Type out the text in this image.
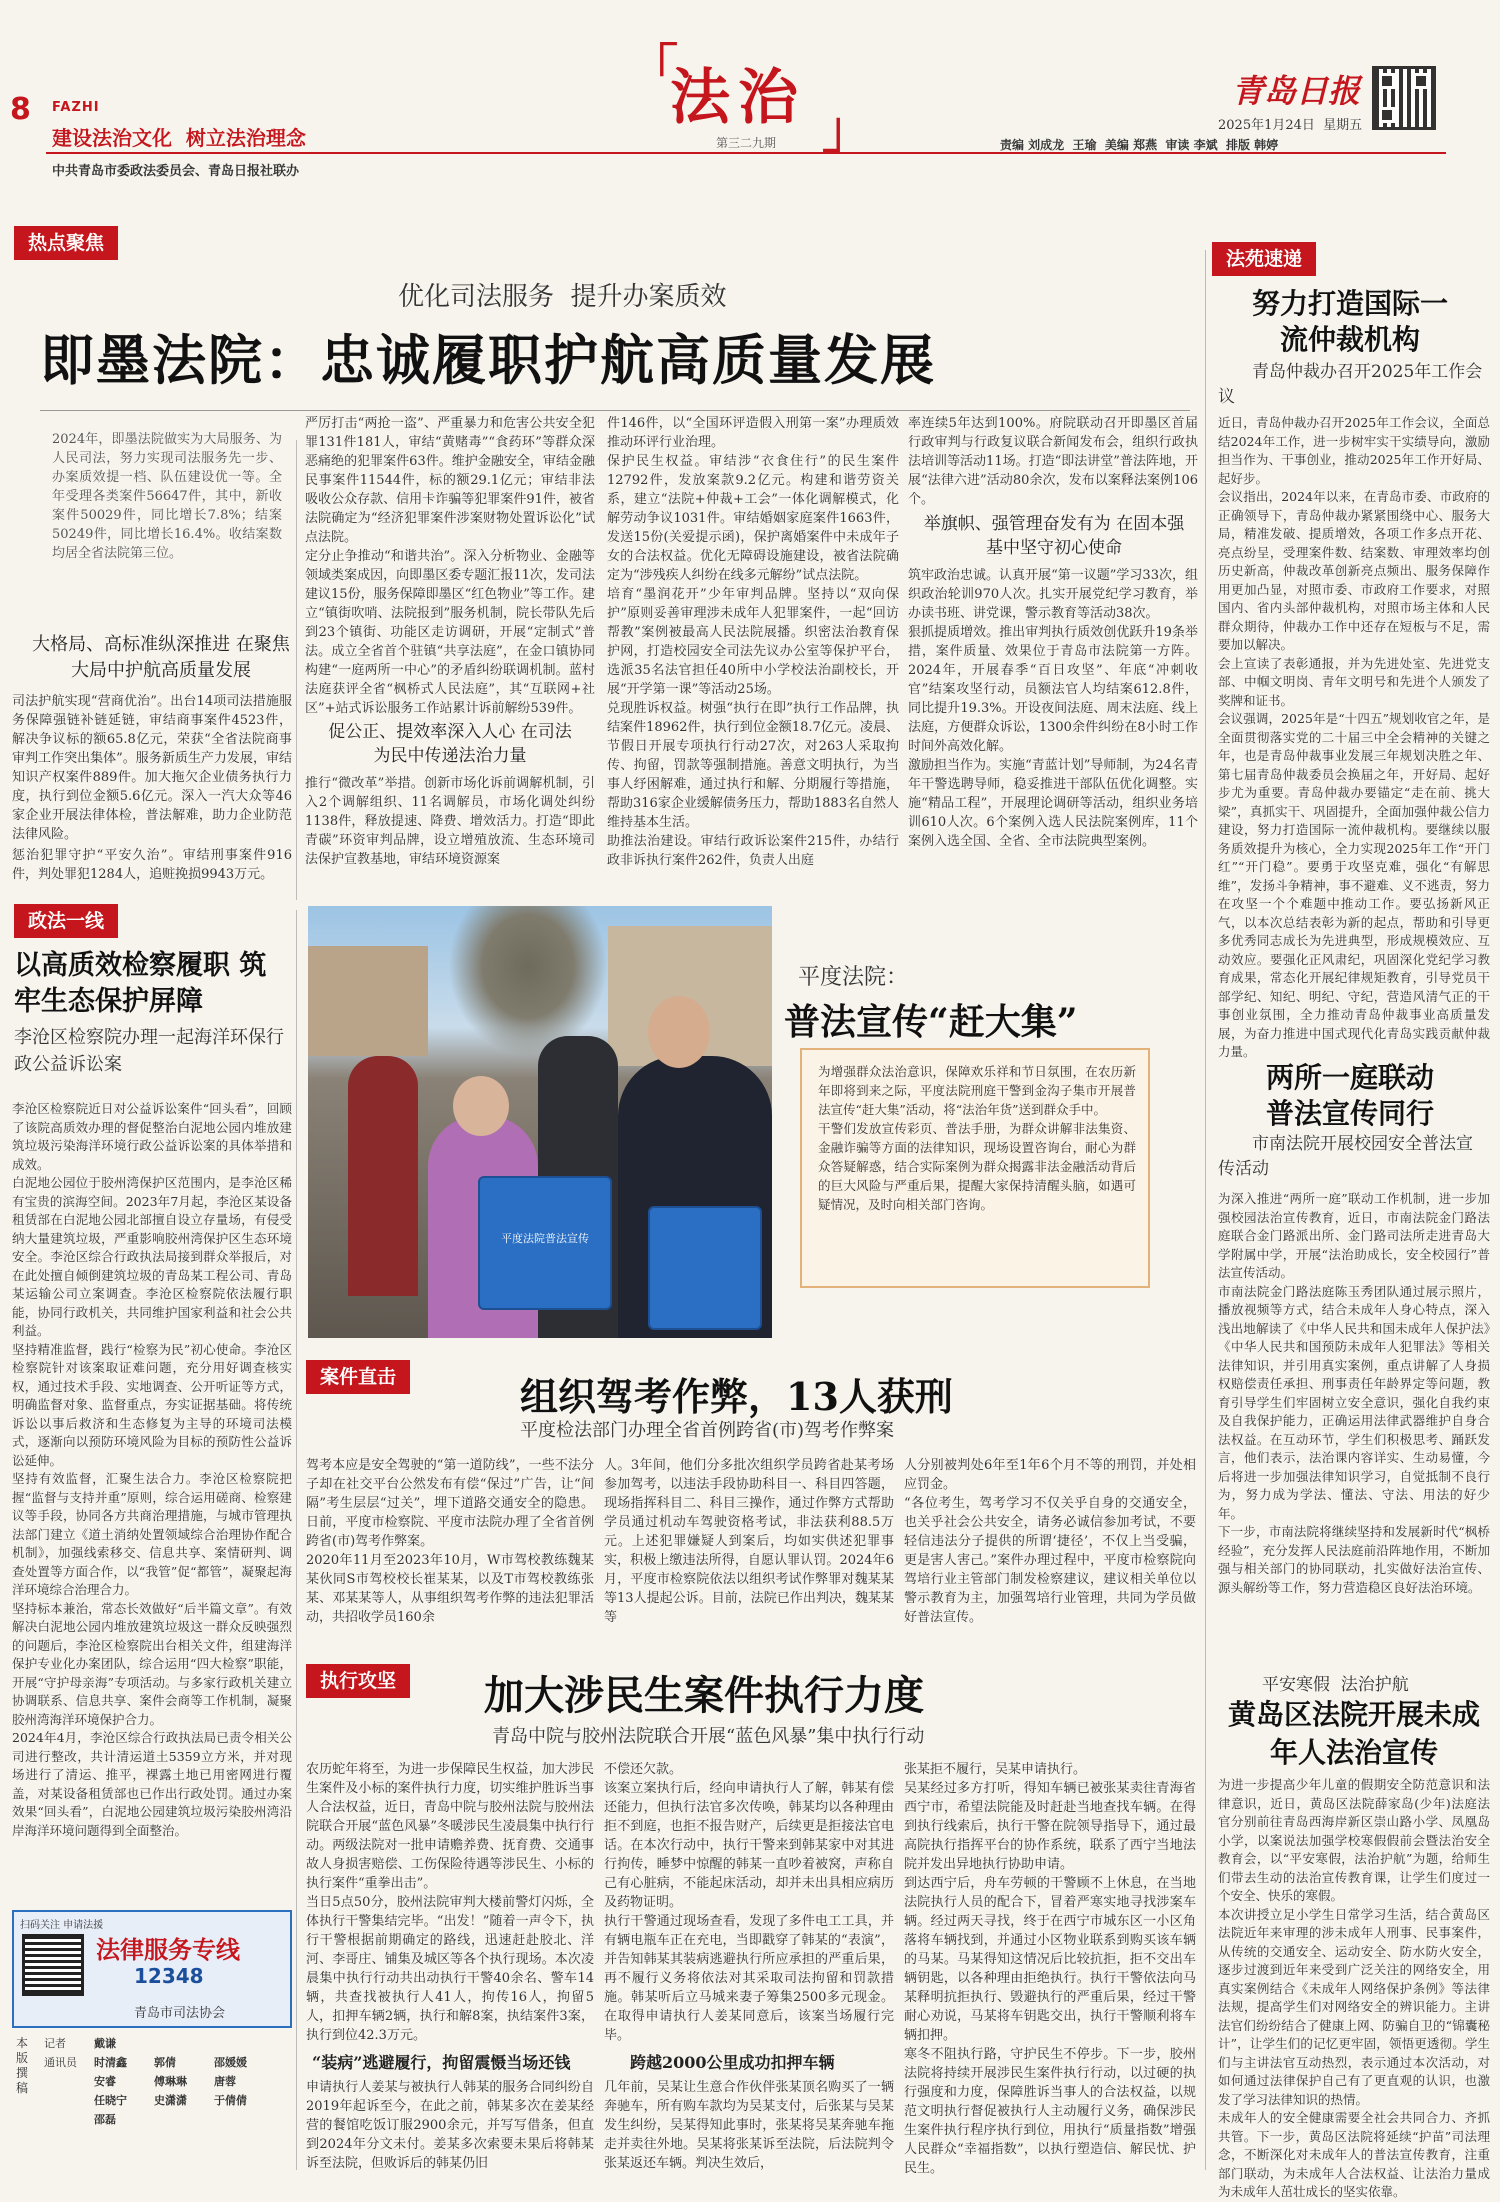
8 FAZHI
建设法治文化  树立法治理念
中共青岛市委政法委员会、青岛日报社联办
「
法治 」
第三二九期
青岛日报
2025年1月24日  星期五
责编 刘成龙  王瑜  美编 郑燕  审读 李斌  排版 韩婷
热点聚焦
优化司法服务  提升办案质效
即墨法院：忠诚履职护航高质量发展
2024年，即墨法院做实为大局服务、为人民司法，努力实现司法服务先一步、办案质效提一档、队伍建设优一等。全年受理各类案件56647件，其中，新收案件50029件，同比增长7.8%；结案50249件，同比增长16.4%。收结案数均居全省法院第三位。
大格局、高标准纵深推进 在聚焦大局中护航高质量发展
司法护航实现“营商优治”。出台14项司法措施服务保障强链补链延链，审结商事案件4523件，解决争议标的额65.8亿元，荣获“全省法院商事审判工作突出集体”。服务新质生产力发展，审结知识产权案件889件。加大拖欠企业债务执行力度，执行到位金额5.6亿元。深入一汽大众等46家企业开展法律体检，普法解难，助力企业防范法律风险。
惩治犯罪守护“平安久治”。审结刑事案件916件，判处罪犯1284人，追赃挽损9943万元。
严厉打击“两抢一盗”、严重暴力和危害公共安全犯罪131件181人，审结“黄赌毒”“食药环”等群众深恶痛绝的犯罪案件63件。维护金融安全，审结金融民事案件11544件，标的额29.1亿元；审结非法吸收公众存款、信用卡诈骗等犯罪案件91件，被省法院确定为“经济犯罪案件涉案财物处置诉讼化”试点法院。
定分止争推动“和谐共治”。深入分析物业、金融等领域类案成因，向即墨区委专题汇报11次，发司法建议15份，服务保障即墨区“红色物业”等工作。建立“镇街吹哨、法院报到”服务机制，院长带队先后到23个镇街、功能区走访调研，开展“定制式”普法。成立全省首个驻镇“共享法庭”，在金口镇协同构建“一庭两所一中心”的矛盾纠纷联调机制。蓝村法庭获评全省“枫桥式人民法庭”，其“互联网+社区”+站式诉讼服务工作站累计诉前解纷539件。
促公正、提效率深入人心 在司法为民中传递法治力量
推行“微改革”举措。创新市场化诉前调解机制，引入2个调解组织、11名调解员，市场化调处纠纷1138件，释放提速、降费、增效活力。打造“即此青碳”环资审判品牌，设立增殖放流、生态环境司法保护宣教基地，审结环境资源案
件146件，以“全国环评造假入刑第一案”办理质效推动环评行业治理。
保护民生权益。审结涉“衣食住行”的民生案件12792件，发放案款9.2亿元。构建和谐劳资关系，建立“法院+仲裁+工会”一体化调解模式，化解劳动争议1031件。审结婚姻家庭案件1663件，发送15份(关爱提示函)，保护离婚案件中未成年子女的合法权益。优化无障碍设施建设，被省法院确定为“涉残疾人纠纷在线多元解纷”试点法院。
培育“墨润花开”少年审判品牌。坚持以“双向保护”原则妥善审理涉未成年人犯罪案件，一起“回访帮教”案例被最高人民法院展播。织密法治教育保护网，打造校园安全司法先议办公室等保护平台，选派35名法官担任40所中小学校法治副校长，开展“开学第一课”等活动25场。
兑现胜诉权益。树强“执行在即”执行工作品牌，执结案件18962件，执行到位金额18.7亿元。凌晨、节假日开展专项执行行动27次，对263人采取拘传、拘留，罚款等强制措施。善意文明执行，为当事人纾困解难，通过执行和解、分期履行等措施，帮助316家企业缓解债务压力，帮助1883名自然人维持基本生活。
助推法治建设。审结行政诉讼案件215件，办结行政非诉执行案件262件，负责人出庭
率连续5年达到100%。府院联动召开即墨区首届行政审判与行政复议联合新闻发布会，组织行政执法培训等活动11场。打造“即法讲堂”普法阵地，开展“法律六进”活动80余次，发布以案释法案例106个。
举旗帜、强管理奋发有为 在固本强基中坚守初心使命
筑牢政治忠诚。认真开展“第一议题”学习33次，组织政治轮训970人次。扎实开展党纪学习教育，举办读书班、讲党课，警示教育等活动38次。
狠抓提质增效。推出审判执行质效创优跃升19条举措，案件质量、效果位于青岛市法院第一方阵。2024年，开展春季“百日攻坚”、年底“冲刺收官”结案攻坚行动，员额法官人均结案612.8件，同比提升19.3%。开设夜间法庭、周末法庭、线上法庭，方便群众诉讼，1300余件纠纷在8小时工作时间外高效化解。
激励担当作为。实施“青蓝计划”导师制，为24名青年干警选聘导师，稳妥推进干部队伍优化调整。实施“精品工程”，开展理论调研等活动，组织业务培训610人次。6个案例入选人民法院案例库，11个案例入选全国、全省、全市法院典型案例。
政法一线
以高质效检察履职 筑牢生态保护屏障
李沧区检察院办理一起海洋环保行政公益诉讼案
李沧区检察院近日对公益诉讼案件“回头看”，回顾了该院高质效办理的督促整治白泥地公园内堆放建筑垃圾污染海洋环境行政公益诉讼案的具体举措和成效。
白泥地公园位于胶州湾保护区范围内，是李沧区稀有宝贵的滨海空间。2023年7月起，李沧区某设备租赁部在白泥地公园北部擅自设立存量场，有侵受纳大量建筑垃圾，严重影响胶州湾保护区生态环境安全。李沧区综合行政执法局接到群众举报后，对在此处擅自倾倒建筑垃圾的青岛某工程公司、青岛某运输公司立案调查。李沧区检察院依法履行职能，协同行政机关，共同维护国家利益和社会公共利益。
坚持精准监督，践行“检察为民”初心使命。李沧区检察院针对该案取证难问题，充分用好调查核实权，通过技术手段、实地调查、公开听证等方式，明确监督对象、监督重点，夯实证据基础。将传统诉讼以事后救济和生态修复为主导的环境司法模式，逐渐向以预防环境风险为目标的预防性公益诉讼延伸。
坚持有效监督，汇聚生法合力。李沧区检察院把握“监督与支持并重”原则，综合运用磋商、检察建议等手段，协同各方共商治理措施，与城市管理执法部门建立《道土消纳处置领域综合治理协作配合机制》，加强线索移交、信息共享、案情研判、调查处置等方面合作，以“我管”促“都管”，凝聚起海洋环境综合治理合力。
坚持标本兼治，常态长效做好“后半篇文章”。有效解决白泥地公园内堆放建筑垃圾这一群众反映强烈的问题后，李沧区检察院出台相关文件，组建海洋保护专业化办案团队，综合运用“四大检察”职能，开展“守护母亲海”专项活动。与多家行政机关建立协调联系、信息共享、案件会商等工作机制，凝聚胶州湾海洋环境保护合力。
2024年4月，李沧区综合行政执法局已责令相关公司进行整改，共计清运道土5359立方米，并对现场进行了清运、推平，裸露土地已用密网进行覆盖，对某设备租赁部也已作出行政处罚。通过办案效果“回头看”，白泥地公园建筑垃圾污染胶州湾沿岸海洋环境问题得到全面整治。
扫码关注 申请法援
法律服务专线
12348
青岛市司法协会
本版撰稿
记者	戴谦
通讯员	时清鑫	郭倩	邵媛媛
安睿	傅琳琳	唐蓉
任晓宁	史潇潇	于倩倩
邵磊
平度法院普法宣传
平度法院：
普法宣传“赶大集”
为增强群众法治意识，保障欢乐祥和节日氛围，在农历新年即将到来之际，平度法院刑庭干警到金沟子集市开展普法宣传“赶大集”活动，将“法治年货”送到群众手中。
干警们发放宣传彩页、普法手册，为群众讲解非法集资、金融诈骗等方面的法律知识，现场设置咨询台，耐心为群众答疑解惑，结合实际案例为群众揭露非法金融活动背后的巨大风险与严重后果，提醒大家保持清醒头脑，如遇可疑情况，及时向相关部门咨询。
案件直击	组织驾考作弊，13人获刑
平度检法部门办理全省首例跨省(市)驾考作弊案
驾考本应是安全驾驶的“第一道防线”，一些不法分子却在社交平台公然发布有偿“保过”广告，让“间隔”考生层层“过关”，埋下道路交通安全的隐患。日前，平度市检察院、平度市法院办理了全省首例跨省(市)驾考作弊案。
2020年11月至2023年10月，W市驾校教练魏某某伙同S市驾校校长崔某某，以及T市驾校教练张某、邓某某等人，从事组织驾考作弊的违法犯罪活动，共招收学员160余
人。3年间，他们分多批次组织学员跨省赴某考场参加驾考，以违法手段协助科目一、科目四答题，现场指挥科目二、科目三操作，通过作弊方式帮助学员通过机动车驾驶资格考试，非法获利88.5万元。上述犯罪嫌疑人到案后，均如实供述犯罪事实，积极上缴违法所得，自愿认罪认罚。2024年6月，平度市检察院依法以组织考试作弊罪对魏某某等13人提起公诉。目前，法院已作出判决，魏某某等
人分别被判处6年至1年6个月不等的刑罚，并处相应罚金。
“各位考生，驾考学习不仅关乎自身的交通安全，也关乎社会公共安全，请务必诚信参加考试，不要轻信违法分子提供的所谓‘捷径’，不仅上当受骗，更是害人害己。”案件办理过程中，平度市检察院向驾培行业主管部门制发检察建议，建议相关单位以警示教育为主，加强驾培行业管理，共同为学员做好普法宣传。
执行攻坚	加大涉民生案件执行力度
青岛中院与胶州法院联合开展“蓝色风暴”集中执行行动
农历蛇年将至，为进一步保障民生权益，加大涉民生案件及小标的案件执行力度，切实维护胜诉当事人合法权益，近日，青岛中院与胶州法院与胶州法院联合开展“蓝色风暴”冬暖涉民生凌晨集中执行行动。两级法院对一批申请赡养费、抚育费、交通事故人身损害赔偿、工伤保险待遇等涉民生、小标的执行案件“重拳出击”。
当日5点50分，胶州法院审判大楼前警灯闪烁，全体执行干警集结完毕。“出发！”随着一声令下，执行干警根据前期确定的路线，迅速赶赴胶北、洋河、李哥庄、铺集及城区等各个执行现场。本次凌晨集中执行行动共出动执行干警40余名、警车14辆，共查找被执行人41人，拘传16人，拘留5人，扣押车辆2辆，执行和解8案，执结案件3案，执行到位42.3万元。
“装病”逃避履行，拘留震慑当场还钱
申请执行人姜某与被执行人韩某的服务合同纠纷自2019年起诉至今，在此之前，韩某多次在姜某经营的餐馆吃饭订服2900余元，并写写借条，但直到2024年分文未付。姜某多次索要未果后将韩某诉至法院，但败诉后的韩某仍旧
不偿还欠款。
该案立案执行后，经向申请执行人了解，韩某有偿还能力，但执行法官多次传唤，韩某均以各种理由拒不到庭，也拒不报告财产，后续更是拒接法官电话。在本次行动中，执行干警来到韩某家中对其进行拘传，睡梦中惊醒的韩某一直吵着被窝，声称自己有心脏病，不能起床活动，却并未出具相应病历及药物证明。
执行干警通过现场查看，发现了多件电工工具，并有辆电瓶车正在充电，当即戳穿了韩某的“表演”，并告知韩某其装病逃避执行所应承担的严重后果，再不履行义务将依法对其采取司法拘留和罚款措施。韩某听后立马城来妻子筹集2500多元现金。在取得申请执行人姜某同意后，该案当场履行完毕。
跨越2000公里成功扣押车辆
几年前，吴某让生意合作伙伴张某顶名购买了一辆奔驰车，所有购车款均为吴某支付，后张某与吴某发生纠纷，吴某得知此事时，张某将吴某奔驰车拖走并卖往外地。吴某将张某诉至法院，后法院判令张某返还车辆。判决生效后，
张某拒不履行，吴某申请执行。
吴某经过多方打听，得知车辆已被张某卖往青海省西宁市，希望法院能及时赶赴当地查找车辆。在得到执行线索后，执行干警在院领导指导下，通过最高院执行指挥平台的协作系统，联系了西宁当地法院并发出异地执行协助申请。
到达西宁后，舟车劳顿的干警顾不上休息，在当地法院执行人员的配合下，冒着严寒实地寻找涉案车辆。经过两天寻找，终于在西宁市城东区一小区角落将车辆找到，并通过小区物业联系到购买该车辆的马某。马某得知这情况后比较抗拒，拒不交出车辆钥匙，以各种理由拒绝执行。执行干警依法向马某释明抗拒执行、毁避执行的严重后果，经过干警耐心劝说，马某将车钥匙交出，执行干警顺利将车辆扣押。
寒冬不阻执行路，守护民生不停步。下一步，胶州法院将持续开展涉民生案件执行行动，以过硬的执行强度和力度，保障胜诉当事人的合法权益，以规范文明执行督促被执行人主动履行义务，确保涉民生案件执行程序执行到位，用执行“质量指数”增强人民群众“幸福指数”，以执行塑造信、解民忧、护民生。
法苑速递
努力打造国际一流仲裁机构
青岛仲裁办召开2025年工作会议
近日，青岛仲裁办召开2025年工作会议，全面总结2024年工作，进一步树牢实干实绩导向，激励担当作为、干事创业，推动2025年工作开好局、起好步。
会议指出，2024年以来，在青岛市委、市政府的正确领导下，青岛仲裁办紧紧围绕中心、服务大局，精准发破、提质增效，各项工作多点开花、亮点纷呈，受理案件数、结案数、审理效率均创历史新高，仲裁改革创新亮点频出、服务保障作用更加凸显，对照市委、市政府工作要求，对照国内、省内头部仲裁机构，对照市场主体和人民群众期待，仲裁办工作中还存在短板与不足，需要加以解决。
会上宣读了表彰通报，并为先进处室、先进党支部、中帼文明岗、青年文明号和先进个人颁发了奖牌和证书。
会议强调，2025年是“十四五”规划收官之年，是全面贯彻落实党的二十届三中全会精神的关键之年，也是青岛仲裁事业发展三年规划决胜之年、第七届青岛仲裁委员会换届之年，开好局、起好步尤为重要。青岛仲裁办要锚定“走在前、挑大梁”，真抓实干、巩固提升，全面加强仲裁公信力建设，努力打造国际一流仲裁机构。要继续以服务质效提升为核心，全力实现2025年工作“开门红”“开门稳”。要勇于攻坚克难，强化“有解思维”，发扬斗争精神，事不避难、义不逃责，努力在攻坚一个个难题中推动工作。要弘扬新风正气，以本次总结表彰为新的起点，帮助和引导更多优秀同志成长为先进典型，形成规模效应、互动效应。要强化正风肃纪，巩固深化党纪学习教育成果，常态化开展纪律规矩教育，引导党员干部学纪、知纪、明纪、守纪，营造风清气正的干事创业氛围，全力推动青岛仲裁事业高质量发展，为奋力推进中国式现代化青岛实践贡献仲裁力量。
两所一庭联动 普法宣传同行
市南法院开展校园安全普法宣传活动
为深入推进“两所一庭”联动工作机制，进一步加强校园法治宣传教育，近日，市南法院金门路法庭联合金门路派出所、金门路司法所走进青岛大学附属中学，开展“法治助成长，安全校园行”普法宣传活动。
市南法院金门路法庭陈玉秀团队通过展示照片，播放视频等方式，结合未成年人身心特点，深入浅出地解读了《中华人民共和国未成年人保护法》《中华人民共和国预防未成年人犯罪法》等相关法律知识，并引用真实案例，重点讲解了人身损权赔偿责任承担、刑事责任年龄界定等问题，教育引导学生们牢固树立安全意识，强化自我约束及自我保护能力，正确运用法律武器维护自身合法权益。在互动环节，学生们积极思考、踊跃发言，他们表示，法治课内容详实、生动易懂，今后将进一步加强法律知识学习，自觉抵制不良行为，努力成为学法、懂法、守法、用法的好少年。
下一步，市南法院将继续坚持和发展新时代“枫桥经验”，充分发挥人民法庭前沿阵地作用，不断加强与相关部门的协同联动，扎实做好法治宣传、源头解纷等工作，努力营造稳区良好法治环境。
平安寒假  法治护航
黄岛区法院开展未成年人法治宣传
为进一步提高少年儿童的假期安全防范意识和法律意识，近日，黄岛区法院薛家岛(少年)法庭法官分别前往青岛西海岸新区崇山路小学、凤凰岛小学，以案说法加强学校寒假假前会暨法治安全教育会，以“平安寒假，法治护航”为题，给师生们带去生动的法治宣传教育课，让学生们度过一个安全、快乐的寒假。
本次讲授立足小学生日常学习生活，结合黄岛区法院近年来审理的涉未成年人刑事、民事案件，从传统的交通安全、运动安全、防水防火安全，逐步过渡到近年来受到广泛关注的网络安全，用真实案例结合《未成年人网络保护条例》等法律法规，提高学生们对网络安全的辨识能力。主讲法官们纷纷结合了健康上网、防骗自卫的“锦囊秘计”，让学生们的记忆更牢固，领悟更透彻。学生们与主讲法官互动热烈，表示通过本次活动，对如何通过法律保护自己有了更直观的认识，也激发了学习法律知识的热情。
未成年人的安全健康需要全社会共同合力、齐抓共管。下一步，黄岛区法院将延续“护苗”司法理念，不断深化对未成年人的普法宣传教育，注重部门联动，为未成年人合法权益、让法治力量成为未成年人茁壮成长的坚实依靠。
